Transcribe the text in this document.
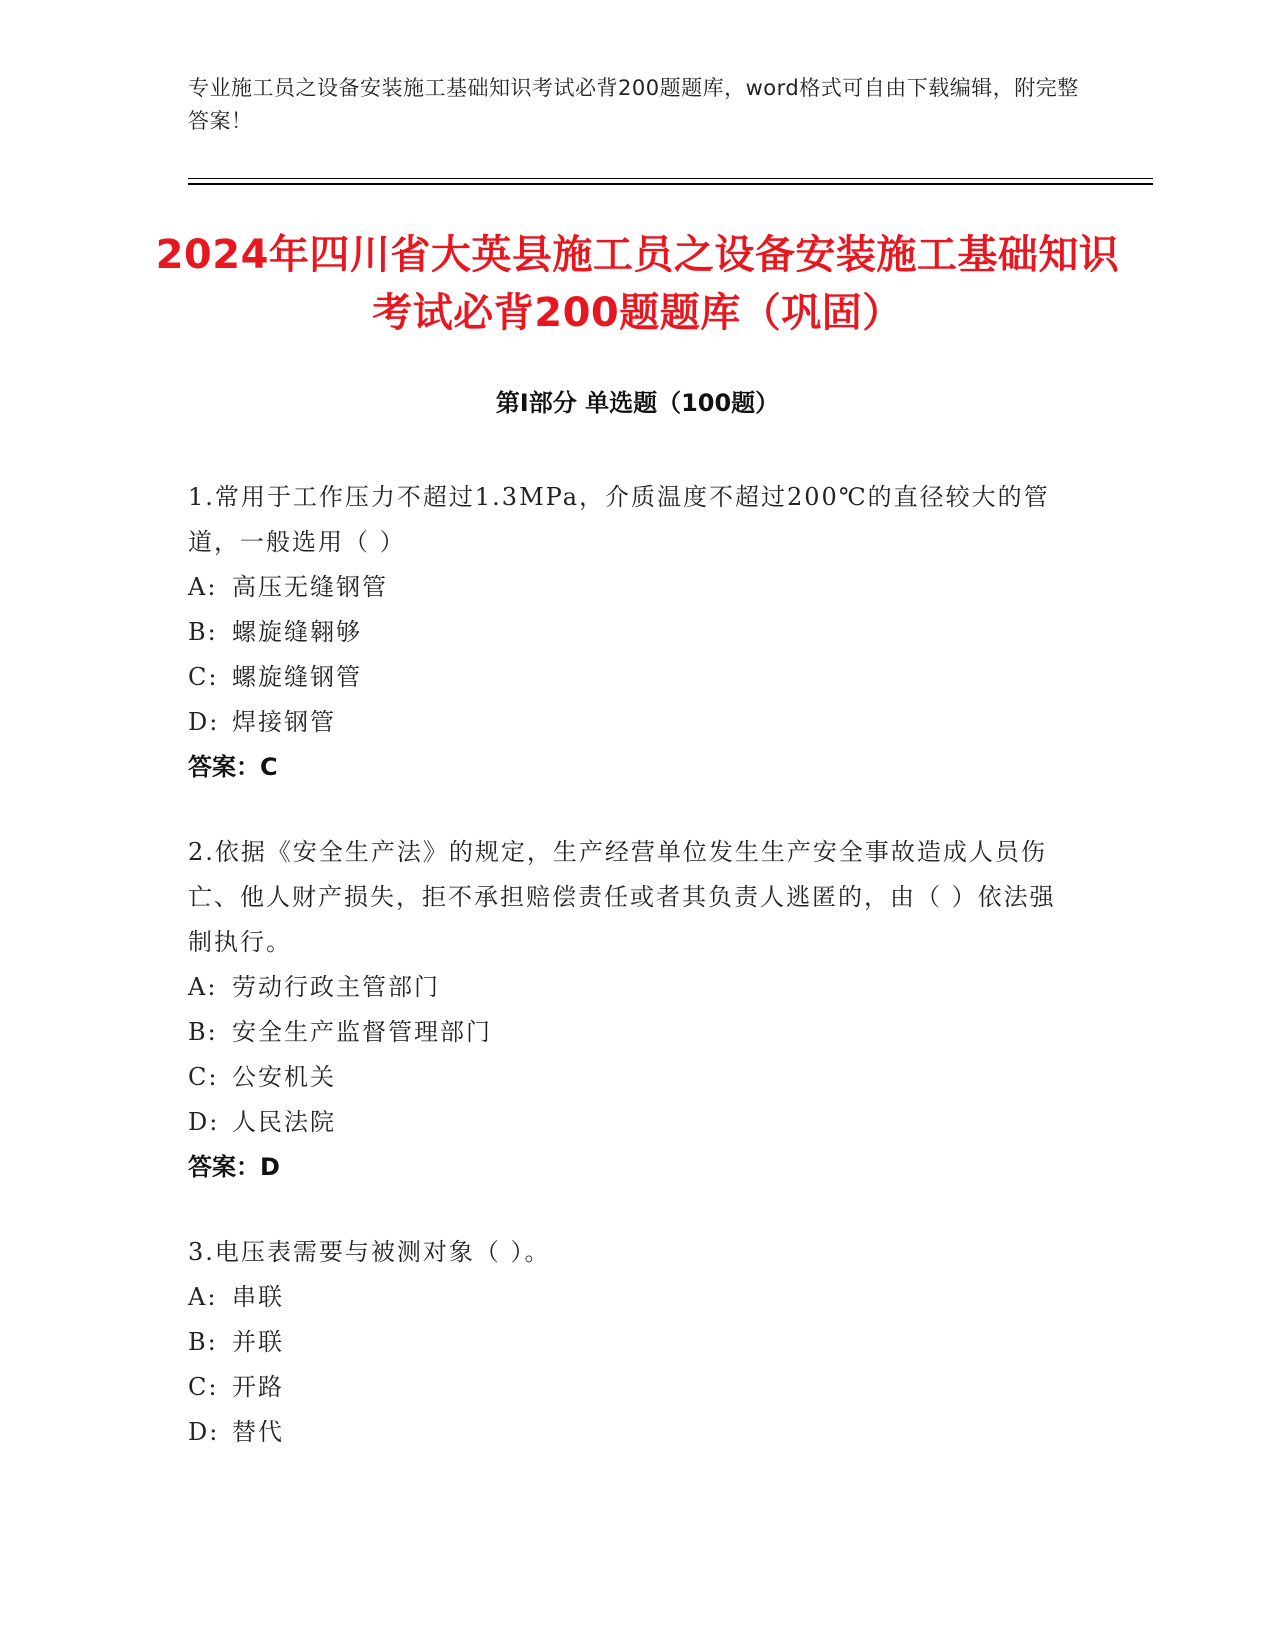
专业施工员之设备安装施工基础知识考试必背200题题库，word格式可自由下载编辑，附完整答案！
2024年四川省大英县施工员之设备安装施工基础知识考试必背200题题库（巩固）
第I部分 单选题（100题）
1.常用于工作压力不超过1.3MPa，介质温度不超过200℃的直径较大的管道，一般选用（ ）
A: 高压无缝钢管
B: 螺旋缝翱够
C: 螺旋缝钢管
D: 焊接钢管
答案：C
2.依据《安全生产法》的规定，生产经营单位发生生产安全事故造成人员伤亡、他人财产损失，拒不承担赔偿责任或者其负责人逃匿的，由（ ）依法强制执行。
A: 劳动行政主管部门
B: 安全生产监督管理部门
C: 公安机关
D: 人民法院
答案：D
3.电压表需要与被测对象（ ）。
A: 串联
B: 并联
C: 开路
D: 替代
